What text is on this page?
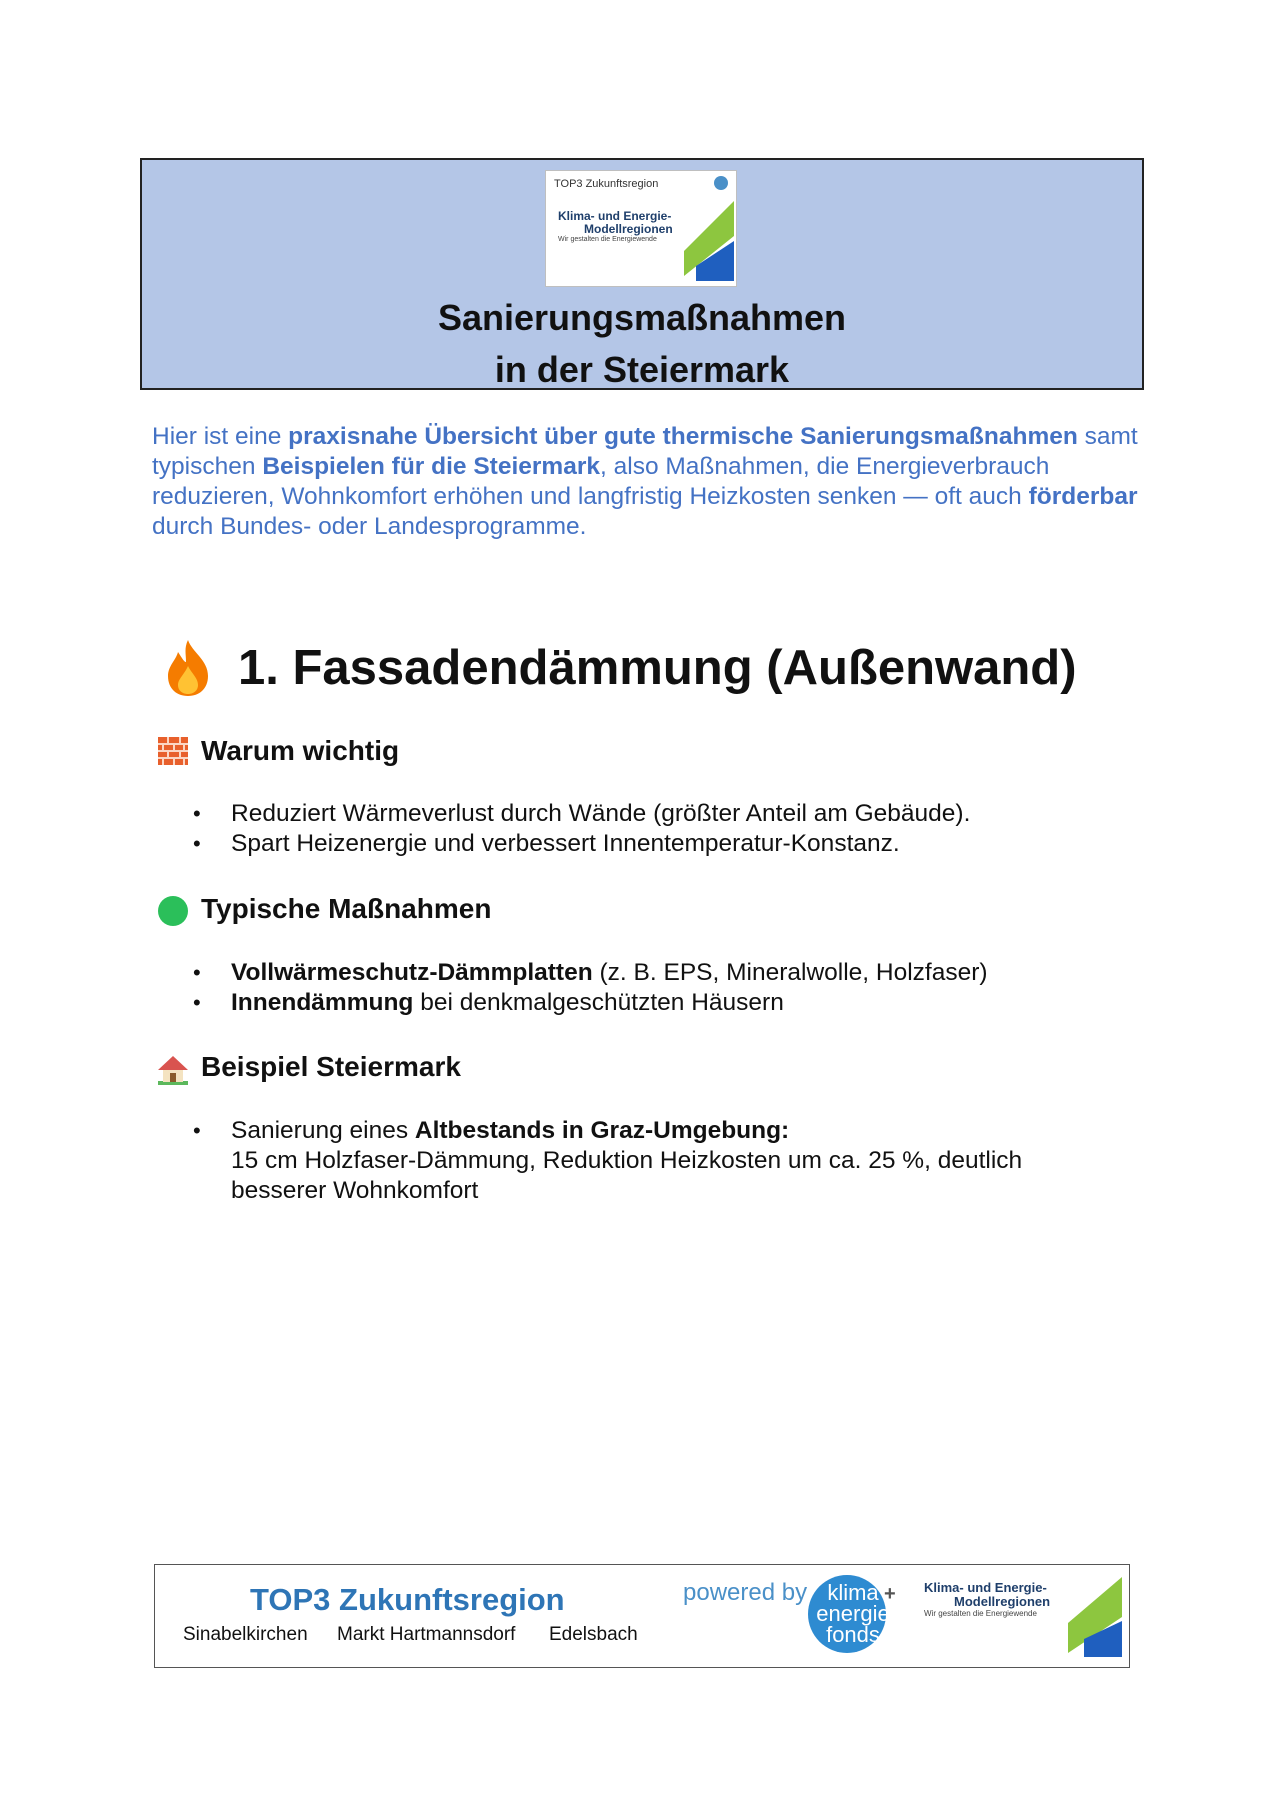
TOP3 Zukunftsregion
Klima- und Energie-
Modellregionen
Wir gestalten die Energiewende
Sanierungsmaßnahmen
in der Steiermark
Hier ist eine praxisnahe Übersicht über gute thermische Sanierungsmaßnahmen samt typischen Beispielen für die Steiermark, also Maßnahmen, die Energieverbrauch reduzieren, Wohnkomfort erhöhen und langfristig Heizkosten senken — oft auch förderbar durch Bundes- oder Landesprogramme.
1. Fassadendämmung (Außenwand)
Warum wichtig
• Reduziert Wärmeverlust durch Wände (größter Anteil am Gebäude).
• Spart Heizenergie und verbessert Innentemperatur-Konstanz.
Typische Maßnahmen
• Vollwärmeschutz-Dämmplatten (z. B. EPS, Mineralwolle, Holzfaser)
• Innendämmung bei denkmalgeschützten Häusern
Beispiel Steiermark
• Sanierung eines Altbestands in Graz-Umgebung:
15 cm Holzfaser-Dämmung, Reduktion Heizkosten um ca. 25 %, deutlich
besserer Wohnkomfort
TOP3 Zukunftsregion
Sinabelkirchen Markt Hartmannsdorf Edelsbach
powered by klima
energie
fonds
+ Klima- und Energie-
Modellregionen
Wir gestalten die Energiewende
